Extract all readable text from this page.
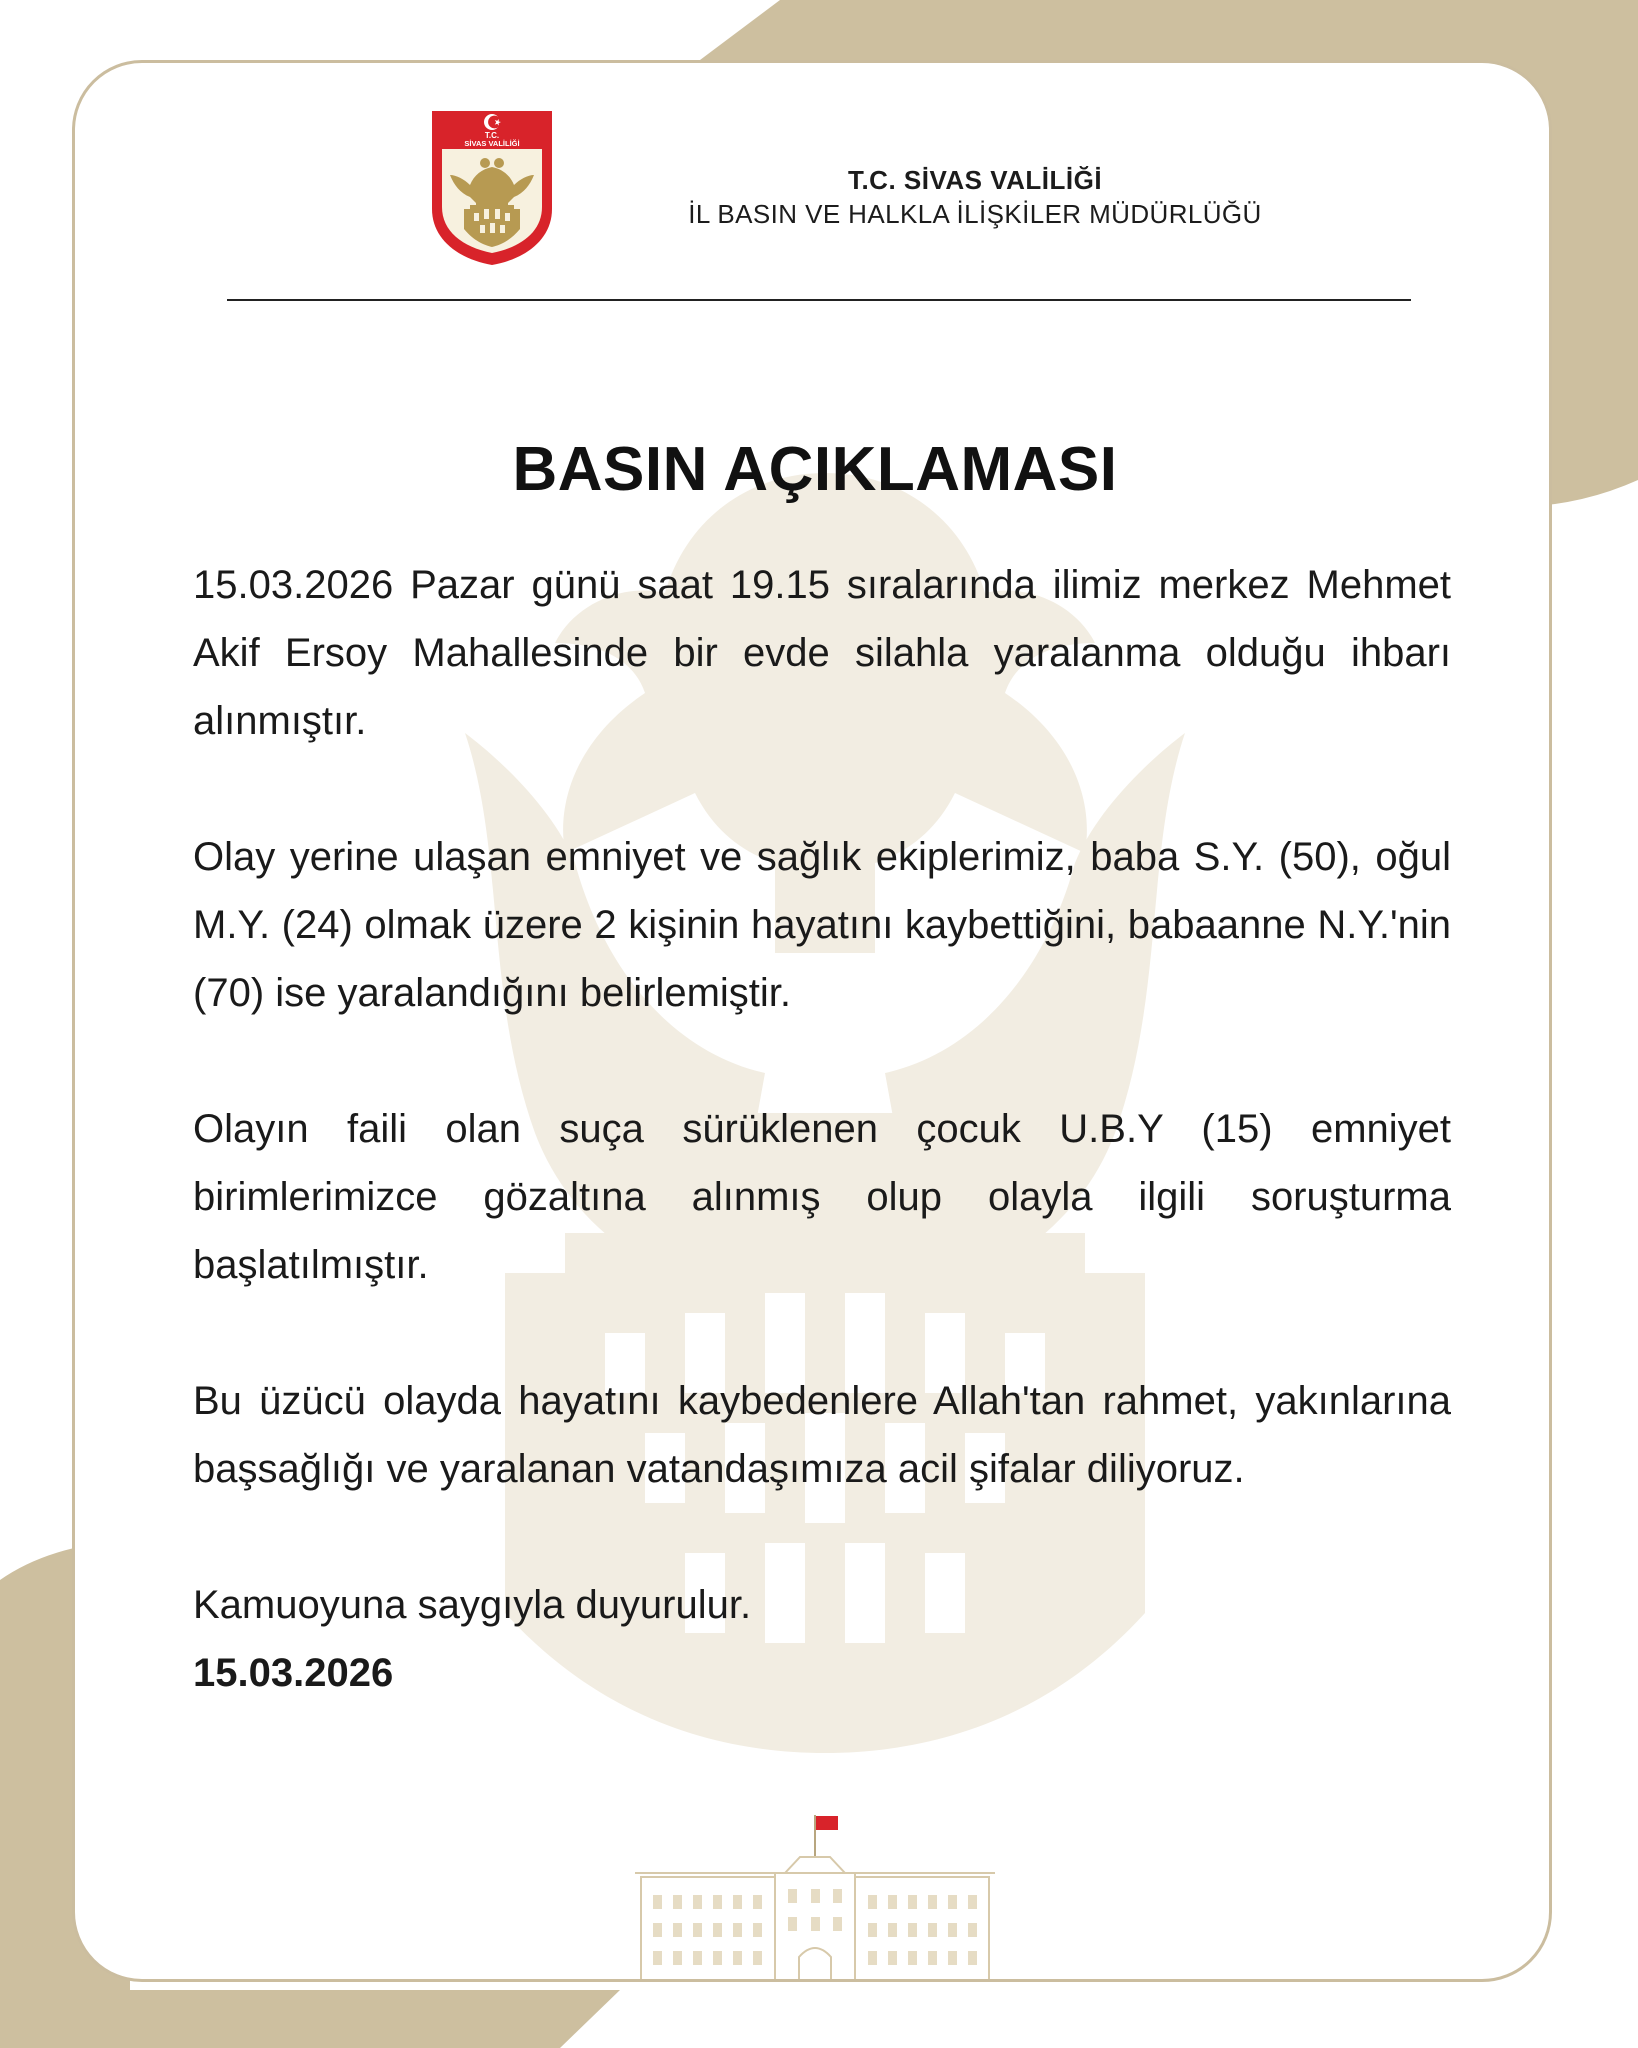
T.C.
SİVAS VALİLİĞİ
T.C. SİVAS VALİLİĞİ
İL BASIN VE HALKLA İLİŞKİLER MÜDÜRLÜĞÜ
BASIN AÇIKLAMASI

15.03.2026 Pazar günü saat 19.15 sıralarında ilimiz merkez Mehmet Akif Ersoy Mahallesinde bir evde silahla yaralanma olduğu ihbarı alınmıştır.

Olay yerine ulaşan emniyet ve sağlık ekiplerimiz, baba S.Y. (50), oğul M.Y. (24) olmak üzere 2 kişinin hayatını kaybettiğini, babaanne N.Y.'nin (70) ise yaralandığını belirlemiştir.

Olayın faili olan suça sürüklenen çocuk U.B.Y (15) emniyet birimlerimizce gözaltına alınmış olup olayla ilgili soruşturma başlatılmıştır.

Bu üzücü olayda hayatını kaybedenlere Allah'tan rahmet, yakınlarına başsağlığı ve yaralanan vatandaşımıza acil şifalar diliyoruz.

Kamuoyuna saygıyla duyurulur.

15.03.2026
